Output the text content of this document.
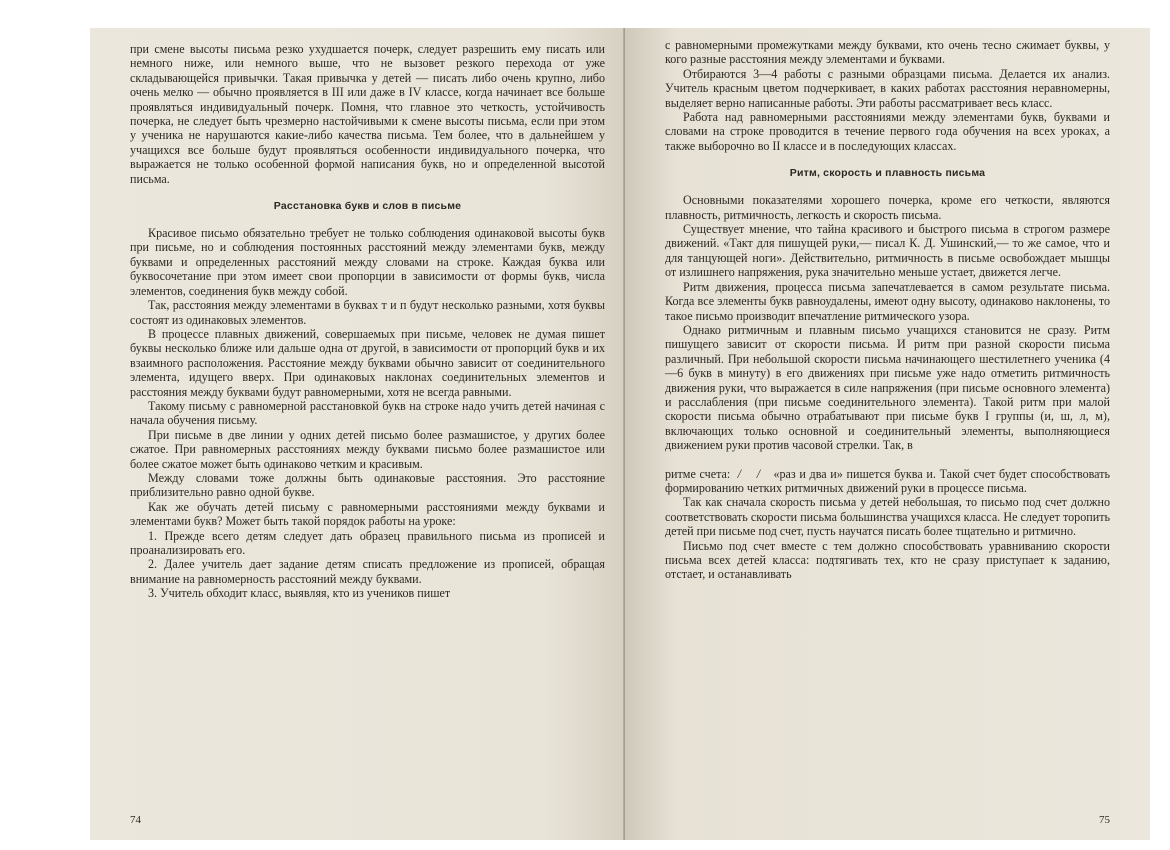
при смене высоты письма резко ухудшается почерк, следует разрешить ему писать или немного ниже, или немного выше, что не вызовет резкого перехода от уже складывающейся привычки. Такая привычка у детей — писать либо очень крупно, либо очень мелко — обычно проявляется в III или даже в IV классе, когда начинает все больше проявляться индивидуальный почерк. Помня, что главное это четкость, устойчивость почерка, не следует быть чрезмерно настойчивыми к смене высоты письма, если при этом у ученика не нарушаются какие-либо качества письма. Тем более, что в дальнейшем у учащихся все больше будут проявляться особенности индивидуального почерка, что выражается не только особенной формой написания букв, но и определенной высотой письма.

Расстановка букв и слов в письме

Красивое письмо обязательно требует не только соблюдения одинаковой высоты букв при письме, но и соблюдения постоянных расстояний между элементами букв, между буквами и определенных расстояний между словами на строке. Каждая буква или буквосочетание при этом имеет свои пропорции в зависимости от формы букв, числа элементов, соединения букв между собой.

Так, расстояния между элементами в буквах т и п будут несколько разными, хотя буквы состоят из одинаковых элементов.

В процессе плавных движений, совершаемых при письме, человек не думая пишет буквы несколько ближе или дальше одна от другой, в зависимости от пропорций букв и их взаимного расположения. Расстояние между буквами обычно зависит от соединительного элемента, идущего вверх. При одинаковых наклонах соединительных элементов и расстояния между буквами будут равномерными, хотя не всегда равными.

Такому письму с равномерной расстановкой букв на строке надо учить детей начиная с начала обучения письму.

При письме в две линии у одних детей письмо более размашистое, у других более сжатое. При равномерных расстояниях между буквами письмо более размашистое или более сжатое может быть одинаково четким и красивым.

Между словами тоже должны быть одинаковые расстояния. Это расстояние приблизительно равно одной букве.

Как же обучать детей письму с равномерными расстояниями между буквами и элементами букв? Может быть такой порядок работы на уроке:

1. Прежде всего детям следует дать образец правильного письма из прописей и проанализировать его.

2. Далее учитель дает задание детям списать предложение из прописей, обращая внимание на равномерность расстояний между буквами.

3. Учитель обходит класс, выявляя, кто из учеников пишет

74

с равномерными промежутками между буквами, кто очень тесно сжимает буквы, у кого разные расстояния между элементами и буквами.

Отбираются 3—4 работы с разными образцами письма. Делается их анализ. Учитель красным цветом подчеркивает, в каких работах расстояния неравномерны, выделяет верно написанные работы. Эти работы рассматривает весь класс.

Работа над равномерными расстояниями между элементами букв, буквами и словами на строке проводится в течение первого года обучения на всех уроках, а также выборочно во II классе и в последующих классах.

Ритм, скорость и плавность письма

Основными показателями хорошего почерка, кроме его четкости, являются плавность, ритмичность, легкость и скорость письма.

Существует мнение, что тайна красивого и быстрого письма в строгом размере движений. «Такт для пишущей руки,— писал К. Д. Ушинский,— то же самое, что и для танцующей ноги». Действительно, ритмичность в письме освобождает мышцы от излишнего напряжения, рука значительно меньше устает, движется легче.

Ритм движения, процесса письма запечатлевается в самом результате письма. Когда все элементы букв равноудалены, имеют одну высоту, одинаково наклонены, то такое письмо производит впечатление ритмического узора.

Однако ритмичным и плавным письмо учащихся становится не сразу. Ритм пишущего зависит от скорости письма. И ритм при разной скорости письма различный. При небольшой скорости письма начинающего шестилетнего ученика (4—6 букв в минуту) в его движениях при письме уже надо отметить ритмичность движения руки, что выражается в силе напряжения (при письме основного элемента) и расслабления (при письме соединительного элемента). Такой ритм при малой скорости письма обычно отрабатывают при письме букв I группы (и, ш, л, м), включающих только основной и соединительный элементы, выполняющиеся движением руки против часовой стрелки. Так, в

ритме счета: / / «раз и два и» пишется буква и. Такой счет будет способствовать формированию четких ритмичных движений руки в процессе письма.

Так как сначала скорость письма у детей небольшая, то письмо под счет должно соответствовать скорости письма большинства учащихся класса. Не следует торопить детей при письме под счет, пусть научатся писать более тщательно и ритмично.

Письмо под счет вместе с тем должно способствовать уравниванию скорости письма всех детей класса: подтягивать тех, кто не сразу приступает к заданию, отстает, и останавливать

75
